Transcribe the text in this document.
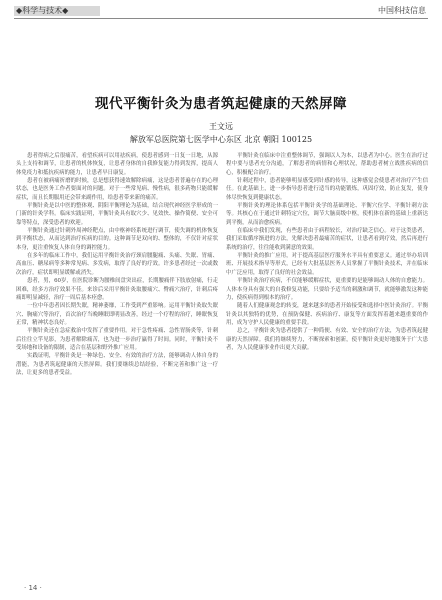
◆科学与技术◆	中国科技信息
现代平衡针灸为患者筑起健康的天然屏障
王文远
解放军总医院第七医学中心东区 北京 朝阳 100125

患者得病之后很痛苦，看望疾病可以用祛疾病，使患者感到一日复一日地，从源头上支持和调节，让患者的机体恢复，让患者身体的自我修复能力得到发挥，提高人体免疫力和抵抗疾病的能力，让患者早日康复。

患者在被病痛折磨的时候，总是想获得速效解除病痛，这是患者普遍存在的心理状态，也是医务工作者要面对的问题。对于一些常见病、慢性病，很多药物只能缓解症状，而且长期服用还会带来副作用，给患者带来新的痛苦。

平衡针灸是以中医的整体观、阴阳平衡理论为基础，结合现代神经医学形成的一门新的针灸学科。临床实践证明，平衡针灸具有取穴少、见效快、操作简便、安全可靠等特点，深受患者的欢迎。

平衡针灸通过针刺外周神经靶点，由中枢神经系统进行调节，使失调的机体恢复到平衡状态，从而达到治疗疾病的目的。这种调节是双向的、整体的，不仅针对症状本身，更注重恢复人体自身的调控能力。

在多年的临床工作中，我们运用平衡针灸治疗颈肩腰腿痛、头痛、失眠、胃痛、高血压、糖尿病等多种常见病、多发病，取得了良好的疗效。许多患者经过一次或数次治疗，症状即明显缓解或消失。

患者，男，60岁，在医院诊断为腰椎间盘突出症，长期腰痛伴下肢放射痛，行走困难，经多方治疗效果不佳。来诊后采用平衡针灸取腰痛穴、臀痛穴治疗，针刺后疼痛即明显减轻，治疗一周后基本痊愈。

一位中年患者因长期失眠，精神萎靡，工作受到严重影响。运用平衡针灸取失眠穴、胸痛穴等治疗，首次治疗当晚睡眠即明显改善，经过一个疗程的治疗，睡眠恢复正常，精神状态良好。

平衡针灸还在急症救治中发挥了重要作用。对于急性疼痛、急性胃肠炎等，针刺后往往立竿见影，为患者解除痛苦，也为进一步治疗赢得了时间。同时，平衡针灸不受场地和设备的限制，适合在基层和野外推广应用。

实践证明，平衡针灸是一种绿色、安全、有效的治疗方法，能够调动人体自身的潜能，为患者筑起健康的天然屏障。我们要继续总结经验，不断完善和推广这一疗法，让更多的患者受益。

平衡针灸在临床中注重整体调节，强调以人为本，以患者为中心。医生在治疗过程中要与患者充分沟通，了解患者的病情和心理状况，帮助患者树立战胜疾病的信心，积极配合治疗。

针刺过程中，患者能够明显感受到针感的传导，这种感觉会使患者对治疗产生信任。在此基础上，进一步指导患者进行适当的功能锻炼，巩固疗效，防止复发，使身体尽快恢复到健康状态。

平衡针灸的理论体系包括平衡针灸学的基础理论、平衡穴位学、平衡针刺方法等。其核心在于通过针刺特定穴位，调节大脑高级中枢，使机体在新的基础上重新达到平衡，从而治愈疾病。

在临床中我们发现，有些患者由于病程较长，对治疗缺乏信心。对于这类患者，我们采取循序渐进的方法，先解决患者最痛苦的症状，让患者看到疗效，然后再进行系统的治疗，往往能收到满意的效果。

平衡针灸的推广应用，对于提高基层医疗服务水平具有重要意义。通过举办培训班、开展技术指导等形式，已经有大批基层医务人员掌握了平衡针灸技术，并在临床中广泛应用，取得了良好的社会效益。

平衡针灸治疗疾病，不仅能够缓解症状，更重要的是能够调动人体的自愈能力。人体本身具有强大的自我修复功能，只要给予适当的刺激和调节，就能够激发这种能力，使疾病得到根本的治疗。

随着人们健康观念的转变，越来越多的患者开始接受和选择中医针灸治疗。平衡针灸以其独特的优势，在预防保健、疾病治疗、康复等方面发挥着越来越重要的作用，成为守护人民健康的重要手段。

总之，平衡针灸为患者提供了一种简便、有效、安全的治疗方法，为患者筑起健康的天然屏障。我们将继续努力，不断探索和创新，使平衡针灸更好地服务于广大患者，为人民健康事业作出更大贡献。

· 14 ·
